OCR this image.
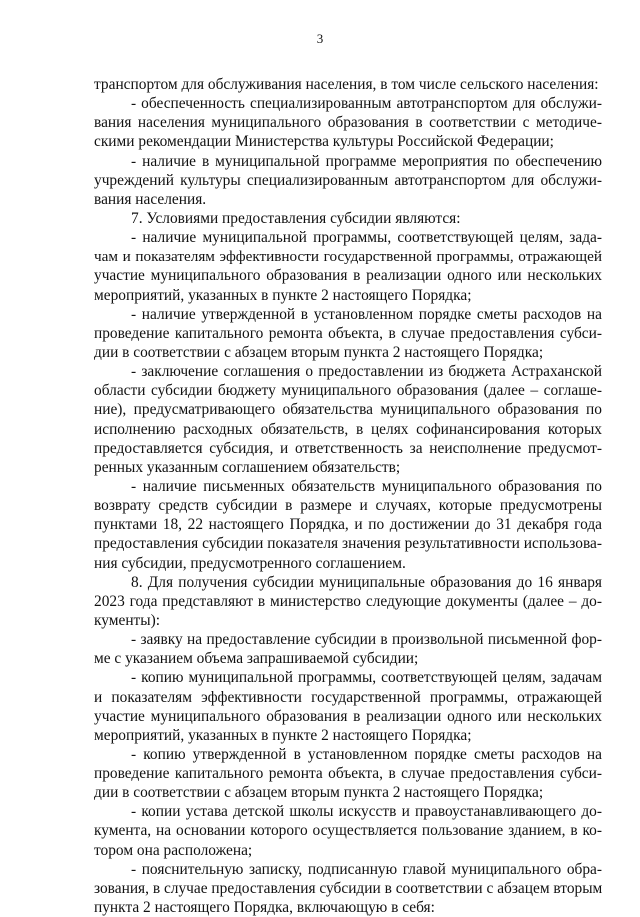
3
транспортом для обслуживания населения, в том числе сельского населения:
- обеспеченность специализированным автотранспортом для обслужи-
вания населения муниципального образования в соответствии с методиче-
скими рекомендации Министерства культуры Российской Федерации;
- наличие в муниципальной программе мероприятия по обеспечению
учреждений культуры специализированным автотранспортом для обслужи-
вания населения.
7. Условиями предоставления субсидии являются:
- наличие муниципальной программы, соответствующей целям, зада-
чам и показателям эффективности государственной программы, отражающей
участие муниципального образования в реализации одного или нескольких
мероприятий, указанных в пункте 2 настоящего Порядка;
- наличие утвержденной в установленном порядке сметы расходов на
проведение капитального ремонта объекта, в случае предоставления субси-
дии в соответствии с абзацем вторым пункта 2 настоящего Порядка;
- заключение соглашения о предоставлении из бюджета Астраханской
области субсидии бюджету муниципального образования (далее – соглаше-
ние), предусматривающего обязательства муниципального образования по
исполнению расходных обязательств, в целях софинансирования которых
предоставляется субсидия, и ответственность за неисполнение предусмот-
ренных указанным соглашением обязательств;
- наличие письменных обязательств муниципального образования по
возврату средств субсидии в размере и случаях, которые предусмотрены
пунктами 18, 22 настоящего Порядка, и по достижении до 31 декабря года
предоставления субсидии показателя значения результативности использова-
ния субсидии, предусмотренного соглашением.
8. Для получения субсидии муниципальные образования до 16 января
2023 года представляют в министерство следующие документы (далее – до-
кументы):
- заявку на предоставление субсидии в произвольной письменной фор-
ме с указанием объема запрашиваемой субсидии;
- копию муниципальной программы, соответствующей целям, задачам
и показателям эффективности государственной программы, отражающей
участие муниципального образования в реализации одного или нескольких
мероприятий, указанных в пункте 2 настоящего Порядка;
- копию утвержденной в установленном порядке сметы расходов на
проведение капитального ремонта объекта, в случае предоставления субси-
дии в соответствии с абзацем вторым пункта 2 настоящего Порядка;
- копии устава детской школы искусств и правоустанавливающего до-
кумента, на основании которого осуществляется пользование зданием, в ко-
тором она расположена;
- пояснительную записку, подписанную главой муниципального обра-
зования, в случае предоставления субсидии в соответствии с абзацем вторым
пункта 2 настоящего Порядка, включающую в себя:
